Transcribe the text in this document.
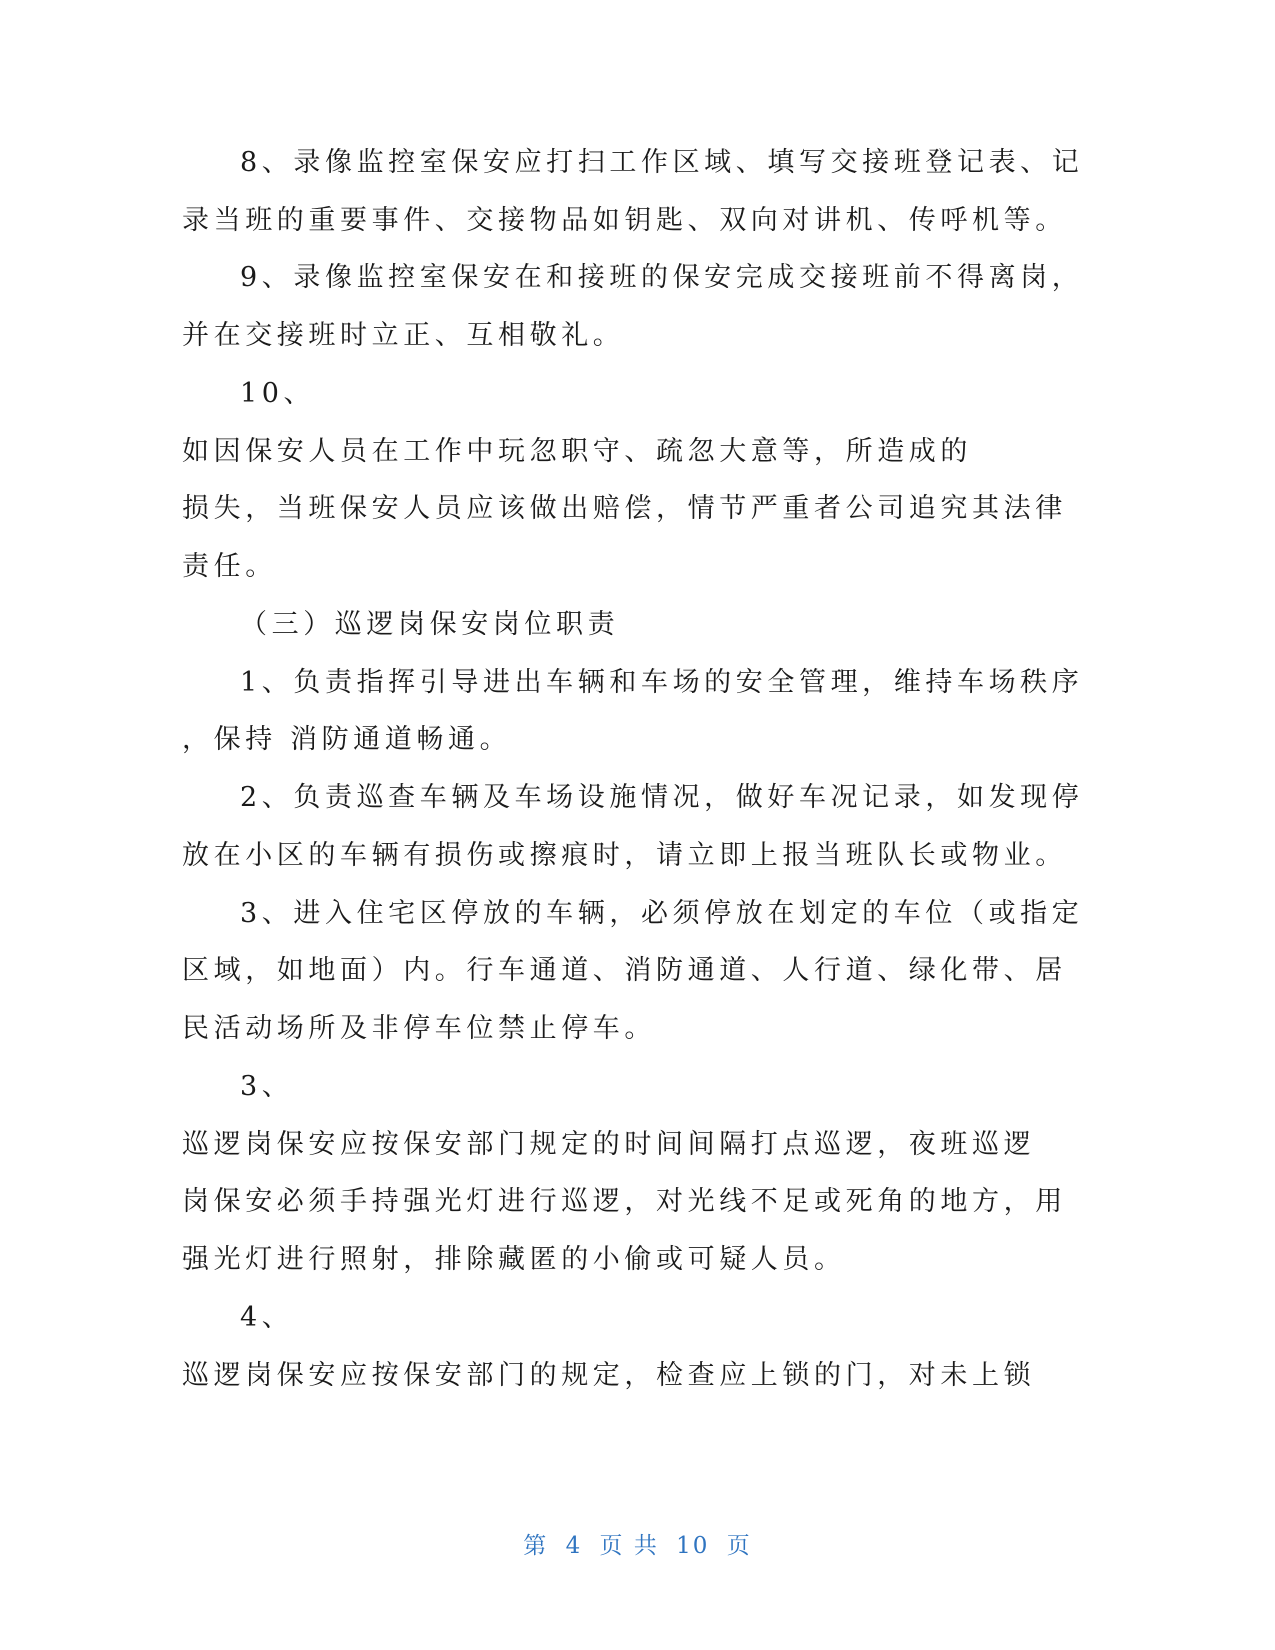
8、录像监控室保安应打扫工作区域、填写交接班登记表、记
录当班的重要事件、交接物品如钥匙、双向对讲机、传呼机等。
9、录像监控室保安在和接班的保安完成交接班前不得离岗，
并在交接班时立正、互相敬礼。
10、
如因保安人员在工作中玩忽职守、疏忽大意等，所造成的
损失，当班保安人员应该做出赔偿，情节严重者公司追究其法律
责任。
（三）巡逻岗保安岗位职责
1、负责指挥引导进出车辆和车场的安全管理，维持车场秩序
，保持 消防通道畅通。
2、负责巡查车辆及车场设施情况，做好车况记录，如发现停
放在小区的车辆有损伤或擦痕时，请立即上报当班队长或物业。
3、进入住宅区停放的车辆，必须停放在划定的车位（或指定
区域，如地面）内。行车通道、消防通道、人行道、绿化带、居
民活动场所及非停车位禁止停车。
3、
巡逻岗保安应按保安部门规定的时间间隔打点巡逻，夜班巡逻
岗保安必须手持强光灯进行巡逻，对光线不足或死角的地方，用
强光灯进行照射，排除藏匿的小偷或可疑人员。
4、
巡逻岗保安应按保安部门的规定，检查应上锁的门，对未上锁
第 4 页 共 10 页
